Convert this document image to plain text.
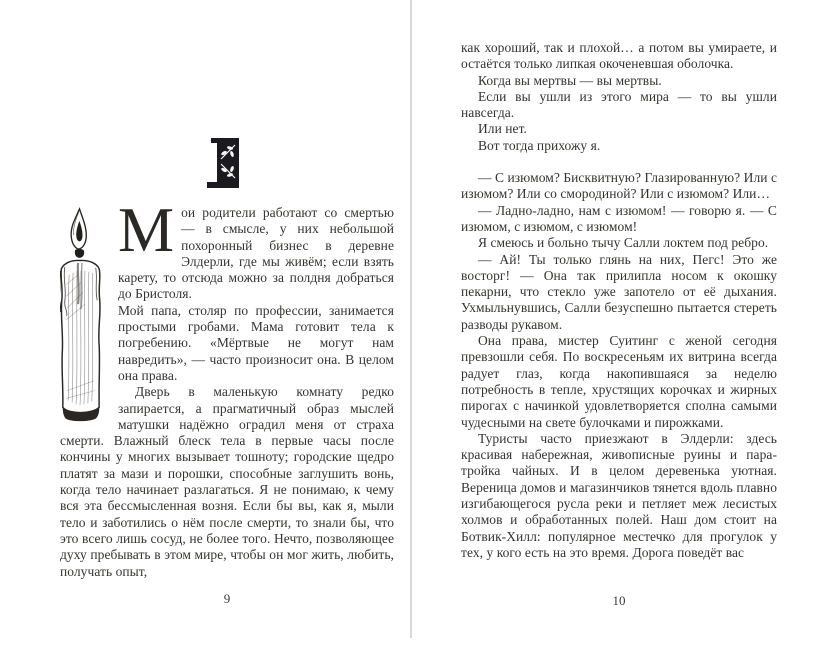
Мои родители работают со смертью — в смысле, у них небольшой похоронный бизнес в деревне Элдерли, где мы живём; если взять карету, то отсюда можно за полдня добраться до Бристоля.

Мой папа, столяр по профессии, занимается простыми гробами. Мама готовит тела к погребению. «Мёртвые не могут нам навредить», — часто произносит она. В целом она права.

Дверь в маленькую комнату редко запирается, а прагматичный образ мыслей матушки надёжно оградил меня от страха смерти. Влажный блеск тела в первые часы после кончины у многих вызывает тошноту; городские щедро платят за мази и порошки, способные заглушить вонь, когда тело начинает разлагаться. Я не понимаю, к чему вся эта бессмысленная возня. Если бы вы, как я, мыли тело и заботились о нём после смерти, то знали бы, что это всего лишь сосуд, не более того. Нечто, позволяющее духу пребывать в этом мире, чтобы он мог жить, любить, получать опыт,

9

как хороший, так и плохой… а потом вы умираете, и остаётся только липкая окоченевшая оболочка.

Когда вы мертвы — вы мертвы.

Если вы ушли из этого мира — то вы ушли навсегда.

Или нет.

Вот тогда прихожу я.

— С изюмом? Бисквитную? Глазированную? Или с изюмом? Или со смородиной? Или с изюмом? Или…

— Ладно-ладно, нам с изюмом! — говорю я. — С изюмом, с изюмом, с изюмом!

Я смеюсь и больно тычу Салли локтем под ребро.

— Ай! Ты только глянь на них, Пегс! Это же восторг! — Она так прилипла носом к окошку пекарни, что стекло уже запотело от её дыхания. Ухмыльнувшись, Салли безуспешно пытается стереть разводы рукавом.

Она права, мистер Суитинг с женой сегодня превзошли себя. По воскресеньям их витрина всегда радует глаз, когда накопившаяся за неделю потребность в тепле, хрустящих корочках и жирных пирогах с начинкой удовлетворяется сполна самыми чудесными на свете булочками и пирожками.

Туристы часто приезжают в Элдерли: здесь красивая набережная, живописные руины и пара-тройка чайных. И в целом деревенька уютная. Вереница домов и магазинчиков тянется вдоль плавно изгибающегося русла реки и петляет меж лесистых холмов и обработанных полей. Наш дом стоит на Ботвик-Хилл: популярное местечко для прогулок у тех, у кого есть на это время. Дорога поведёт вас

10
